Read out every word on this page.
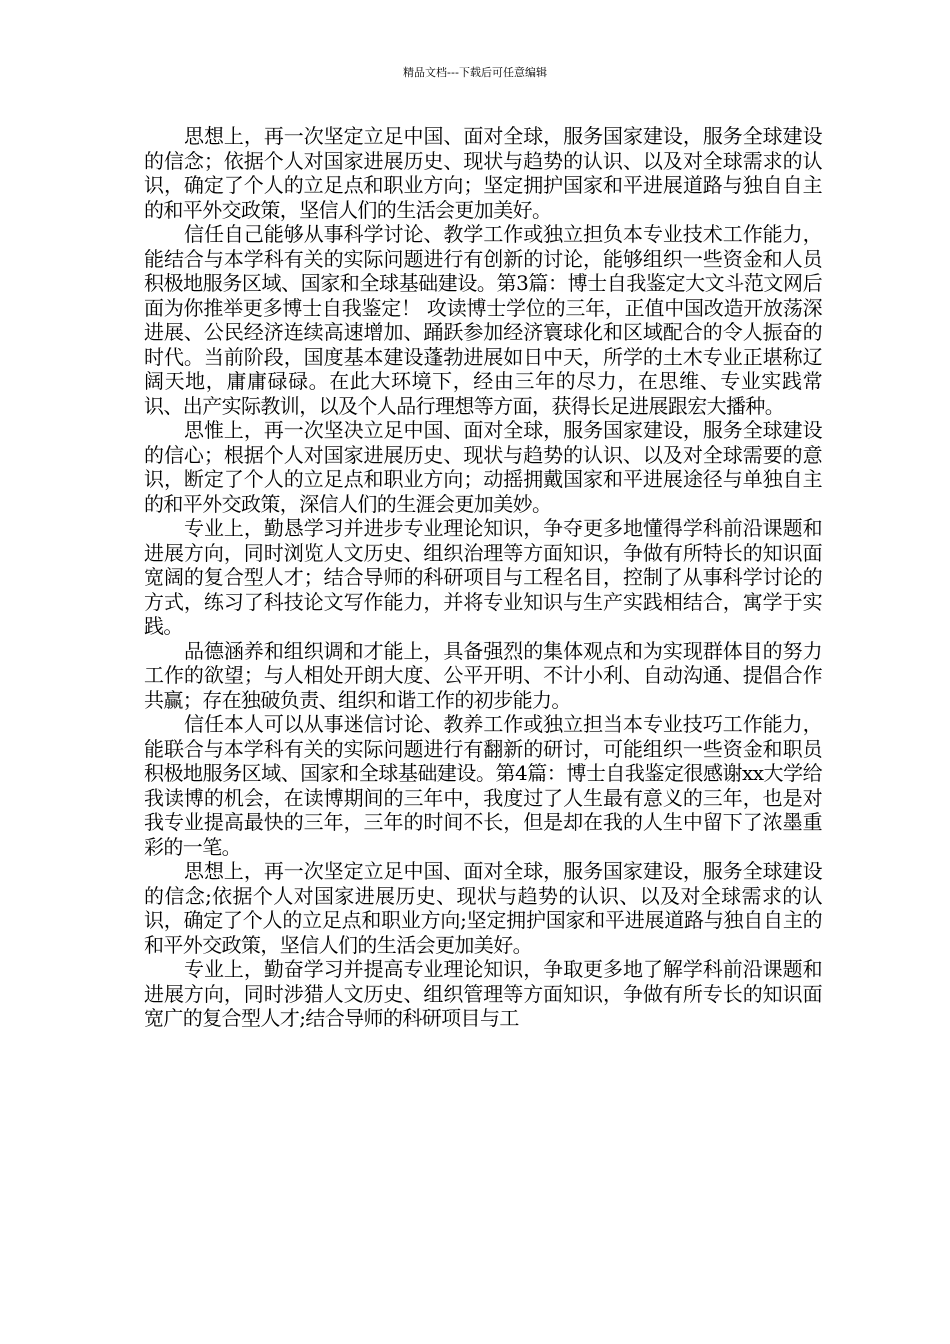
精品文档---下载后可任意编辑

思想上，再一次坚定立足中国、面对全球，服务国家建设，服务全球建设的信念；依据个人对国家进展历史、现状与趋势的认识、以及对全球需求的认识，确定了个人的立足点和职业方向；坚定拥护国家和平进展道路与独自自主的和平外交政策，坚信人们的生活会更加美好。

信任自己能够从事科学讨论、教学工作或独立担负本专业技术工作能力，能结合与本学科有关的实际问题进行有创新的讨论，能够组织一些资金和人员积极地服务区域、国家和全球基础建设。第3篇：博士自我鉴定大文斗范文网后面为你推举更多博士自我鉴定！ 攻读博士学位的三年，正值中国改造开放荡深进展、公民经济连续高速增加、踊跃参加经济寰球化和区域配合的令人振奋的时代。当前阶段，国度基本建设蓬勃进展如日中天，所学的土木专业正堪称辽阔天地，庸庸碌碌。在此大环境下，经由三年的尽力，在思维、专业实践常识、出产实际教训，以及个人品行理想等方面，获得长足进展跟宏大播种。

思惟上，再一次坚决立足中国、面对全球，服务国家建设，服务全球建设的信心；根据个人对国家进展历史、现状与趋势的认识、以及对全球需要的意识，断定了个人的立足点和职业方向；动摇拥戴国家和平进展途径与单独自主的和平外交政策，深信人们的生涯会更加美妙。

专业上，勤恳学习并进步专业理论知识，争夺更多地懂得学科前沿课题和进展方向，同时浏览人文历史、组织治理等方面知识，争做有所特长的知识面宽阔的复合型人才；结合导师的科研项目与工程名目，控制了从事科学讨论的方式，练习了科技论文写作能力，并将专业知识与生产实践相结合，寓学于实践。

品德涵养和组织调和才能上，具备强烈的集体观点和为实现群体目的努力工作的欲望；与人相处开朗大度、公平开明、不计小利、自动沟通、提倡合作共赢；存在独破负责、组织和谐工作的初步能力。

信任本人可以从事迷信讨论、教养工作或独立担当本专业技巧工作能力，能联合与本学科有关的实际问题进行有翻新的研讨，可能组织一些资金和职员积极地服务区域、国家和全球基础建设。第4篇：博士自我鉴定很感谢xx大学给我读博的机会，在读博期间的三年中，我度过了人生最有意义的三年，也是对我专业提高最快的三年，三年的时间不长，但是却在我的人生中留下了浓墨重彩的一笔。

思想上，再一次坚定立足中国、面对全球，服务国家建设，服务全球建设的信念;依据个人对国家进展历史、现状与趋势的认识、以及对全球需求的认识，确定了个人的立足点和职业方向;坚定拥护国家和平进展道路与独自自主的和平外交政策，坚信人们的生活会更加美好。

专业上，勤奋学习并提高专业理论知识，争取更多地了解学科前沿课题和进展方向，同时涉猎人文历史、组织管理等方面知识，争做有所专长的知识面宽广的复合型人才;结合导师的科研项目与工
